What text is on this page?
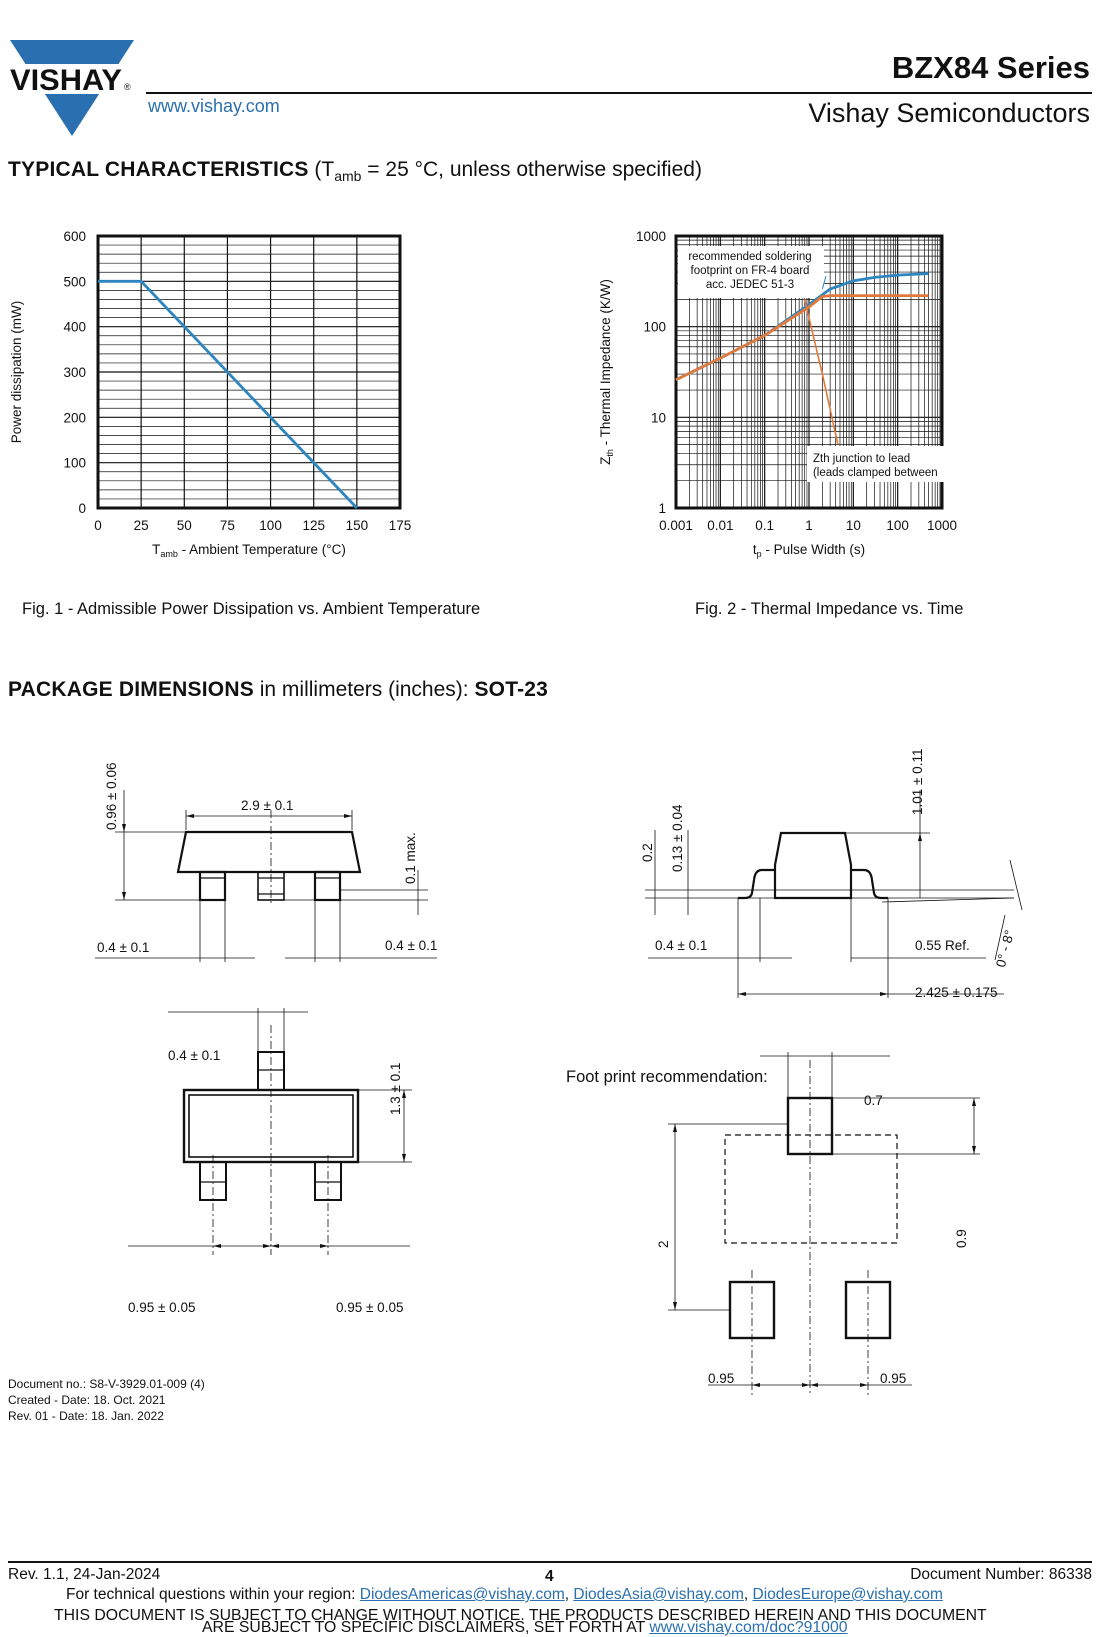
VISHAY ®
www.vishay.com
BZX84 Series
Vishay Semiconductors
TYPICAL CHARACTERISTICS ($T_{amb} = 25$ °C, unless otherwise specified)
0
100
200
300
400
500
600
0 25 50 75 100 125 150 175
Power dissipation (mW)
$T_{amb}$ - Ambient Temperature (°C)
Fig. 1 - Admissible Power Dissipation vs. Ambient Temperature
1
10
100
1000
0.001 0.01 0.1 1 10 100 1000
recommended soldering
footprint on FR-4 board
acc. JEDEC 51-3
Zth junction to lead
(leads clamped between
$Z_{th}$ - Thermal Impedance (K/W)
$t_p$ - Pulse Width (s)
Fig. 2 - Thermal Impedance vs. Time
PACKAGE DIMENSIONS in millimeters (inches): SOT-23
0.96 ± 0.06	2.9 ± 0.1
0.1 max.
0.4 ± 0.1	0.4 ± 0.1
0.2 0.13 ± 0.04
1.01 ± 0.11
0.4 ± 0.1	0.55 Ref. 0° - 8°
2.425 ± 0.175
0.4 ± 0.1
1.3 ± 0.1
0.95 ± 0.05	0.95 ± 0.05
Foot print recommendation:
0.7
2	0.9
0.95	0.95
Document no.: S8-V-3929.01-009 (4)
Created - Date: 18. Oct. 2021
Rev. 01 - Date: 18. Jan. 2022
Rev. 1.1, 24-Jan-2024	4	Document Number: 86338
For technical questions within your region: DiodesAmericas@vishay.com, DiodesAsia@vishay.com, DiodesEurope@vishay.com
THIS DOCUMENT IS SUBJECT TO CHANGE WITHOUT NOTICE. THE PRODUCTS DESCRIBED HEREIN AND THIS DOCUMENT
ARE SUBJECT TO SPECIFIC DISCLAIMERS, SET FORTH AT www.vishay.com/doc?91000
